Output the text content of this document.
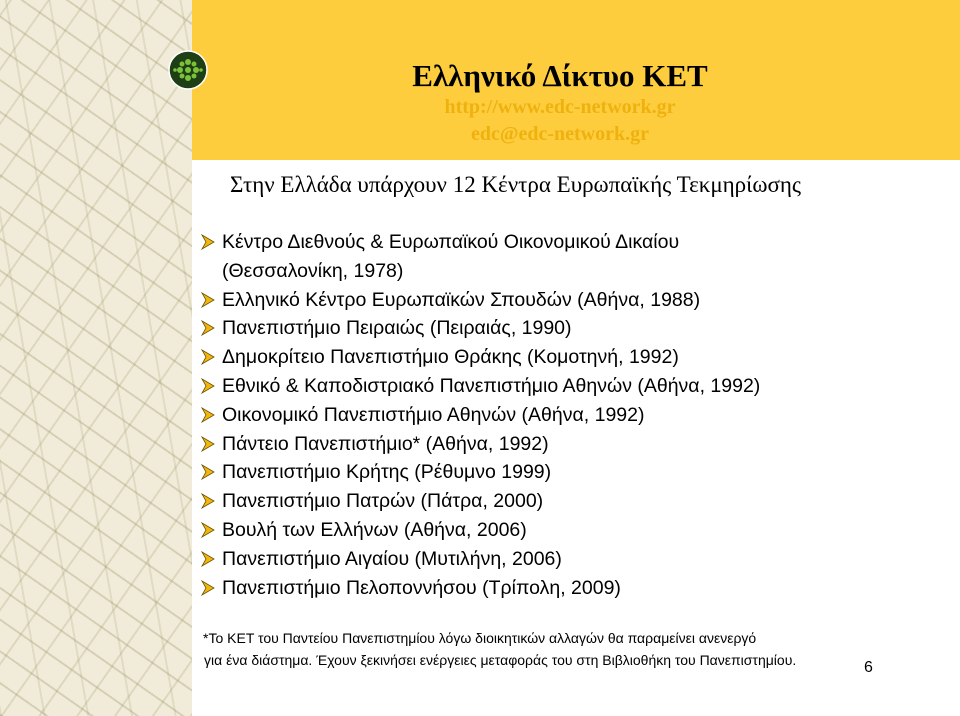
Ελληνικό Δίκτυο ΚΕΤ
http://www.edc-network.gr
edc@edc-network.gr
Στην Ελλάδα υπάρχουν 12 Κέντρα Ευρωπαϊκής Τεκμηρίωσης
Κέντρο Διεθνούς & Ευρωπαϊκού Οικονομικού Δικαίου
(Θεσσαλονίκη, 1978)
Ελληνικό Κέντρο Ευρωπαϊκών Σπουδών (Αθήνα, 1988)
Πανεπιστήμιο Πειραιώς (Πειραιάς, 1990)
Δημοκρίτειο Πανεπιστήμιο Θράκης (Κομοτηνή, 1992)
Εθνικό & Καποδιστριακό Πανεπιστήμιο Αθηνών (Αθήνα, 1992)
Οικονομικό Πανεπιστήμιο Αθηνών (Αθήνα, 1992)
Πάντειο Πανεπιστήμιο* (Αθήνα, 1992)
Πανεπιστήμιο Κρήτης (Ρέθυμνο 1999)
Πανεπιστήμιο Πατρών (Πάτρα, 2000)
Βουλή των Ελλήνων (Αθήνα, 2006)
Πανεπιστήμιο Αιγαίου (Μυτιλήνη, 2006)
Πανεπιστήμιο Πελοποννήσου (Τρίπολη, 2009)
*Το ΚΕΤ του Παντείου Πανεπιστημίου λόγω διοικητικών αλλαγών θα παραμείνει ανενεργό
για ένα διάστημα. Έχουν ξεκινήσει ενέργειες μεταφοράς του στη Βιβλιοθήκη του Πανεπιστημίου.	6
